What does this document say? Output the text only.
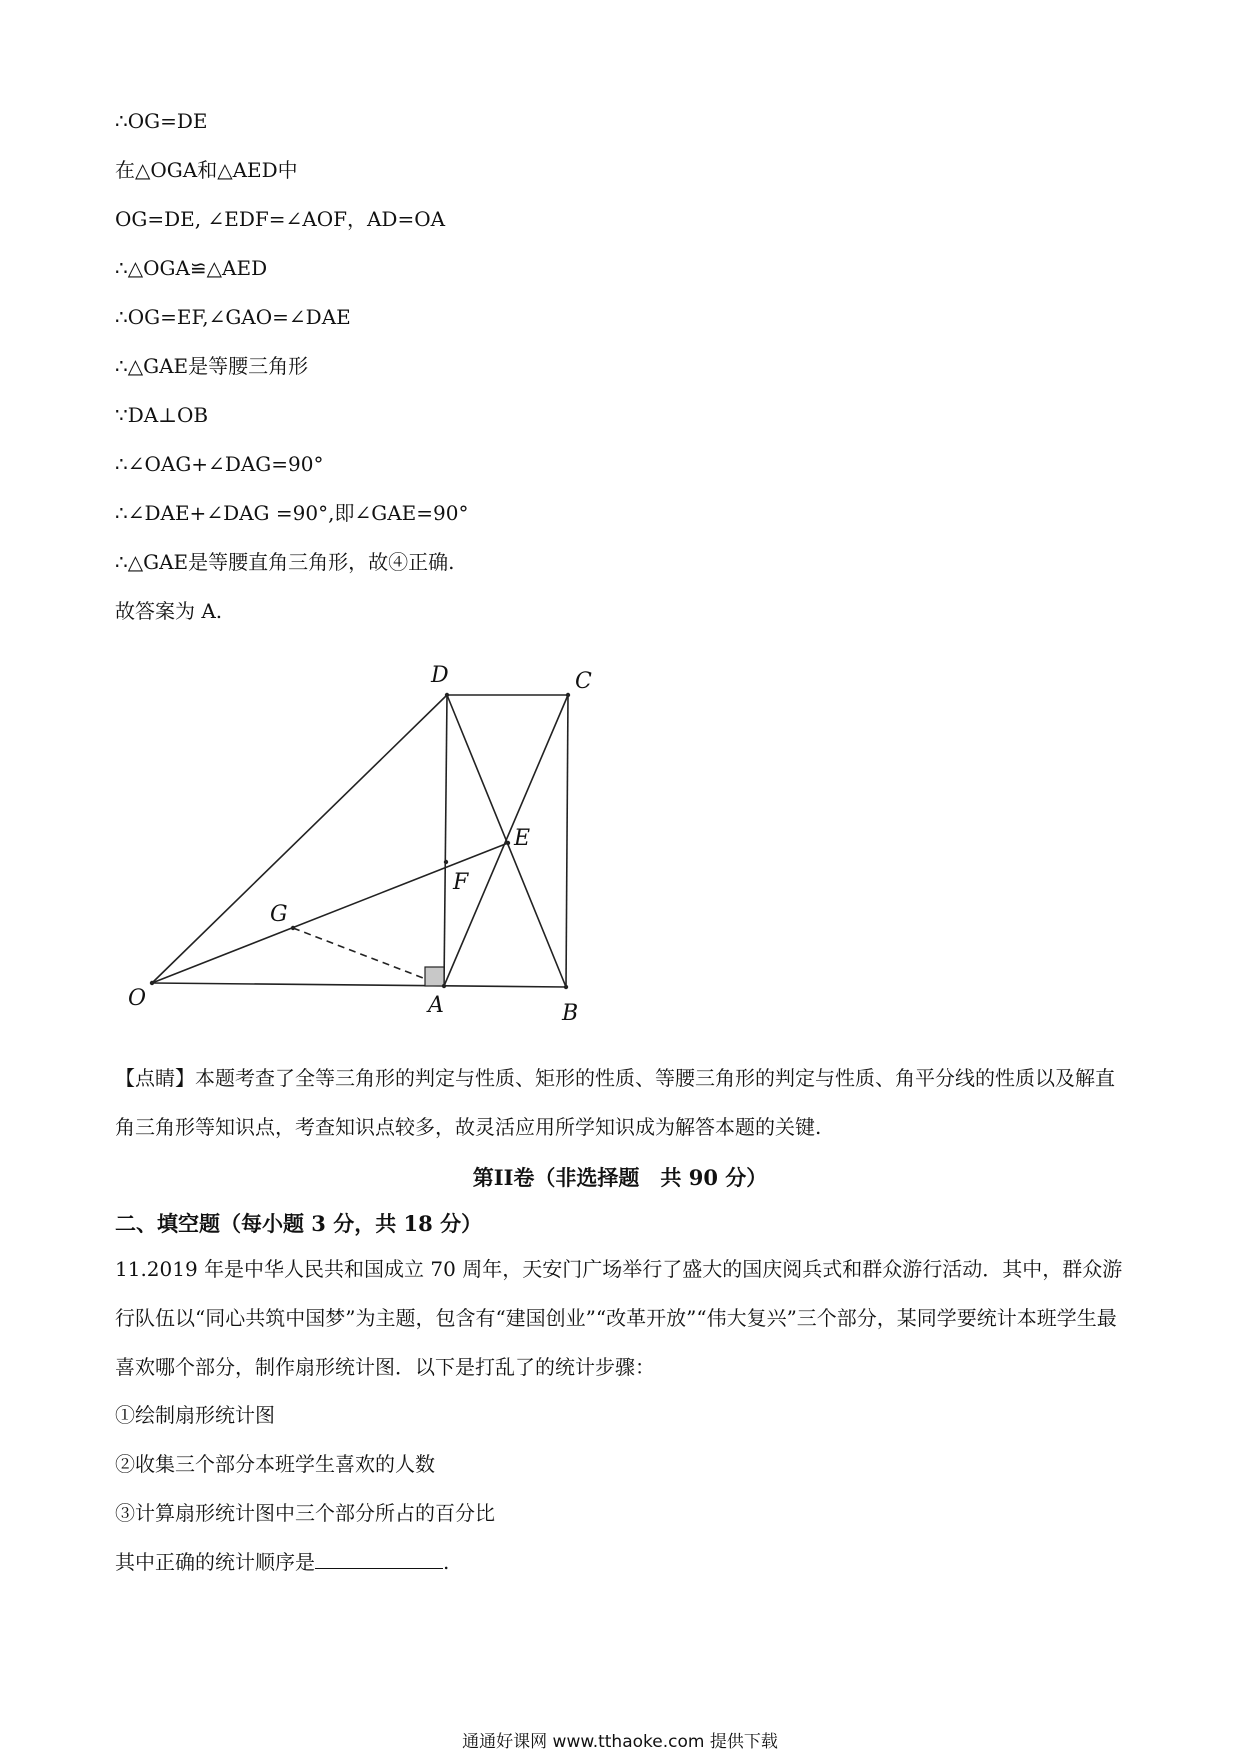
∴OG=DE
在△OGA和△AED中
OG=DE, ∠EDF=∠AOF，AD=OA
∴△OGA≌△AED
∴OG=EF,∠GAO=∠DAE
∴△GAE是等腰三角形
∵DA⊥OB
∴∠OAG+∠DAG=90°
∴∠DAE+∠DAG =90°,即∠GAE=90°
∴△GAE是等腰直角三角形，故④正确.
故答案为 A.
D	C
E
F
G
O	A	B
【点睛】本题考查了全等三角形的判定与性质、矩形的性质、等腰三角形的判定与性质、角平分线的性质以及解直角三角形等知识点，考查知识点较多，故灵活应用所学知识成为解答本题的关键.
第II卷（非选择题　共 90 分）
二、填空题（每小题 3 分，共 18 分）
11.2019 年是中华人民共和国成立 70 周年，天安门广场举行了盛大的国庆阅兵式和群众游行活动．其中，群众游行队伍以“同心共筑中国梦”为主题，包含有“建国创业”“改革开放”“伟大复兴”三个部分，某同学要统计本班学生最喜欢哪个部分，制作扇形统计图．以下是打乱了的统计步骤：
①绘制扇形统计图
②收集三个部分本班学生喜欢的人数
③计算扇形统计图中三个部分所占的百分比
其中正确的统计顺序是	.
通通好课网 www.tthaoke.com 提供下载
